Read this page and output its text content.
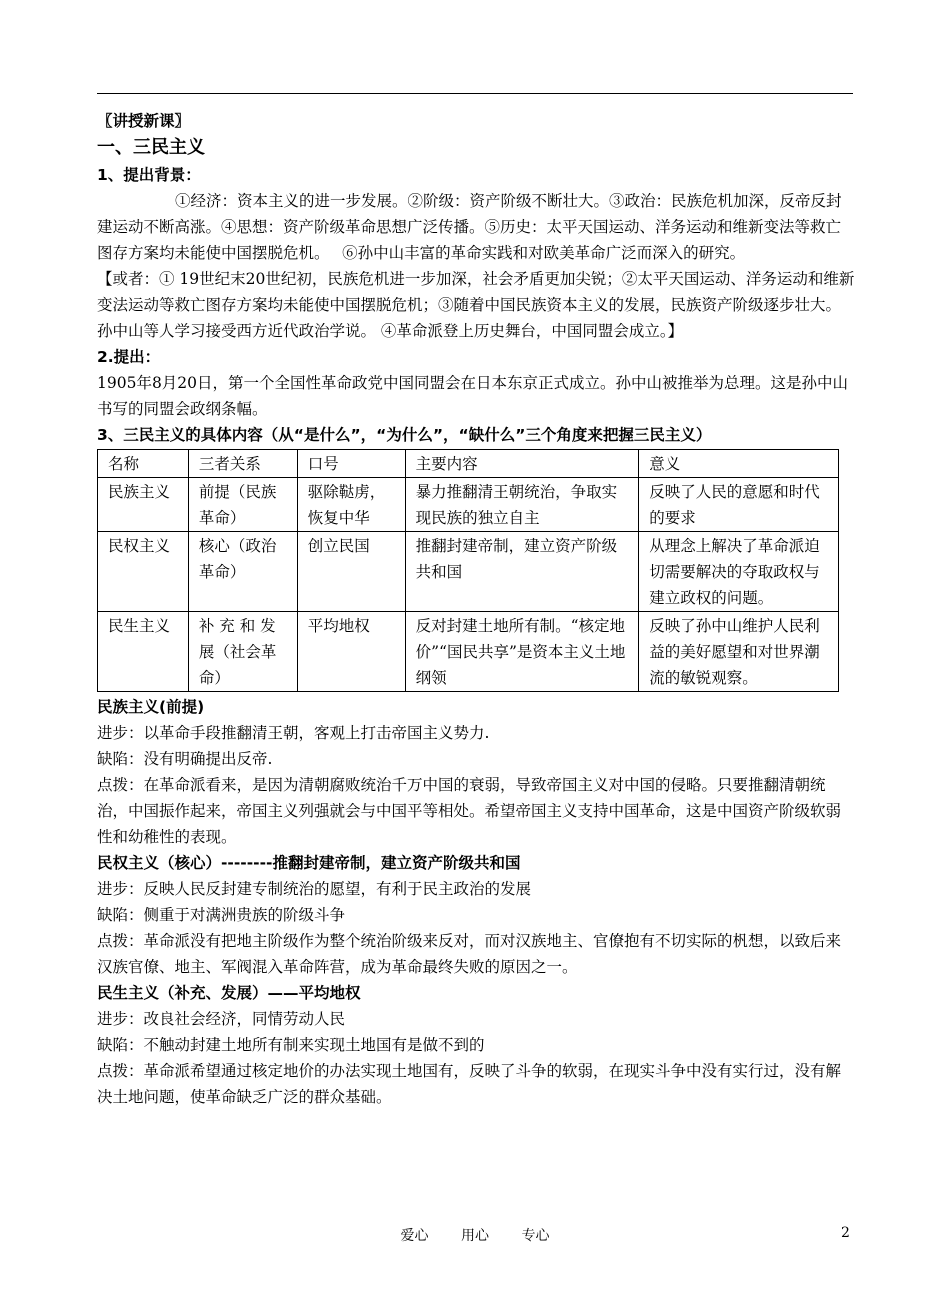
〖讲授新课〗

一、三民主义

1、提出背景：

①经济：资本主义的进一步发展。②阶级：资产阶级不断壮大。③政治：民族危机加深，反帝反封建运动不断高涨。④思想：资产阶级革命思想广泛传播。⑤历史：太平天国运动、洋务运动和维新变法等救亡图存方案均未能使中国摆脱危机。　 ⑥孙中山丰富的革命实践和对欧美革命广泛而深入的研究。

【或者：① 19世纪末20世纪初，民族危机进一步加深，社会矛盾更加尖锐；②太平天国运动、洋务运动和维新变法运动等救亡图存方案均未能使中国摆脱危机；③随着中国民族资本主义的发展，民族资产阶级逐步壮大。孙中山等人学习接受西方近代政治学说。 ④革命派登上历史舞台，中国同盟会成立。】

2.提出：

1905年8月20日，第一个全国性革命政党中国同盟会在日本东京正式成立。孙中山被推举为总理。这是孙中山书写的同盟会政纲条幅。

3、三民主义的具体内容（从“是什么”，“为什么”，“缺什么”三个角度来把握三民主义）

名称	三者关系	口号	主要内容	意义
民族主义	前提（民族革命）	驱除鞑虏，恢复中华	暴力推翻清王朝统治，争取实现民族的独立自主	反映了人民的意愿和时代的要求
民权主义	核心（政治革命）	创立民国	推翻封建帝制，建立资产阶级共和国	从理念上解决了革命派迫切需要解决的夺取政权与建立政权的问题。
民生主义	补 充 和 发展（社会革命）	平均地权	反对封建土地所有制。“核定地价”“国民共享”是资本主义土地纲领	反映了孙中山维护人民利益的美好愿望和对世界潮流的敏锐观察。

民族主义(前提)

进步：以革命手段推翻清王朝，客观上打击帝国主义势力.

缺陷：没有明确提出反帝.

点拨：在革命派看来，是因为清朝腐败统治千万中国的衰弱，导致帝国主义对中国的侵略。只要推翻清朝统治，中国振作起来，帝国主义列强就会与中国平等相处。希望帝国主义支持中国革命，这是中国资产阶级软弱性和幼稚性的表现。

民权主义（核心）--------推翻封建帝制，建立资产阶级共和国

进步：反映人民反封建专制统治的愿望，有利于民主政治的发展

缺陷：侧重于对满洲贵族的阶级斗争

点拨：革命派没有把地主阶级作为整个统治阶级来反对，而对汉族地主、官僚抱有不切实际的杋想，以致后来汉族官僚、地主、军阀混入革命阵营，成为革命最终失败的原因之一。

民生主义（补充、发展）——平均地权

进步：改良社会经济，同情劳动人民

缺陷：不触动封建土地所有制来实现土地国有是做不到的

点拨：革命派希望通过核定地价的办法实现土地国有，反映了斗争的软弱，在现实斗争中没有实行过，没有解决土地问题，使革命缺乏广泛的群众基础。

爱心 用心 专心	2
